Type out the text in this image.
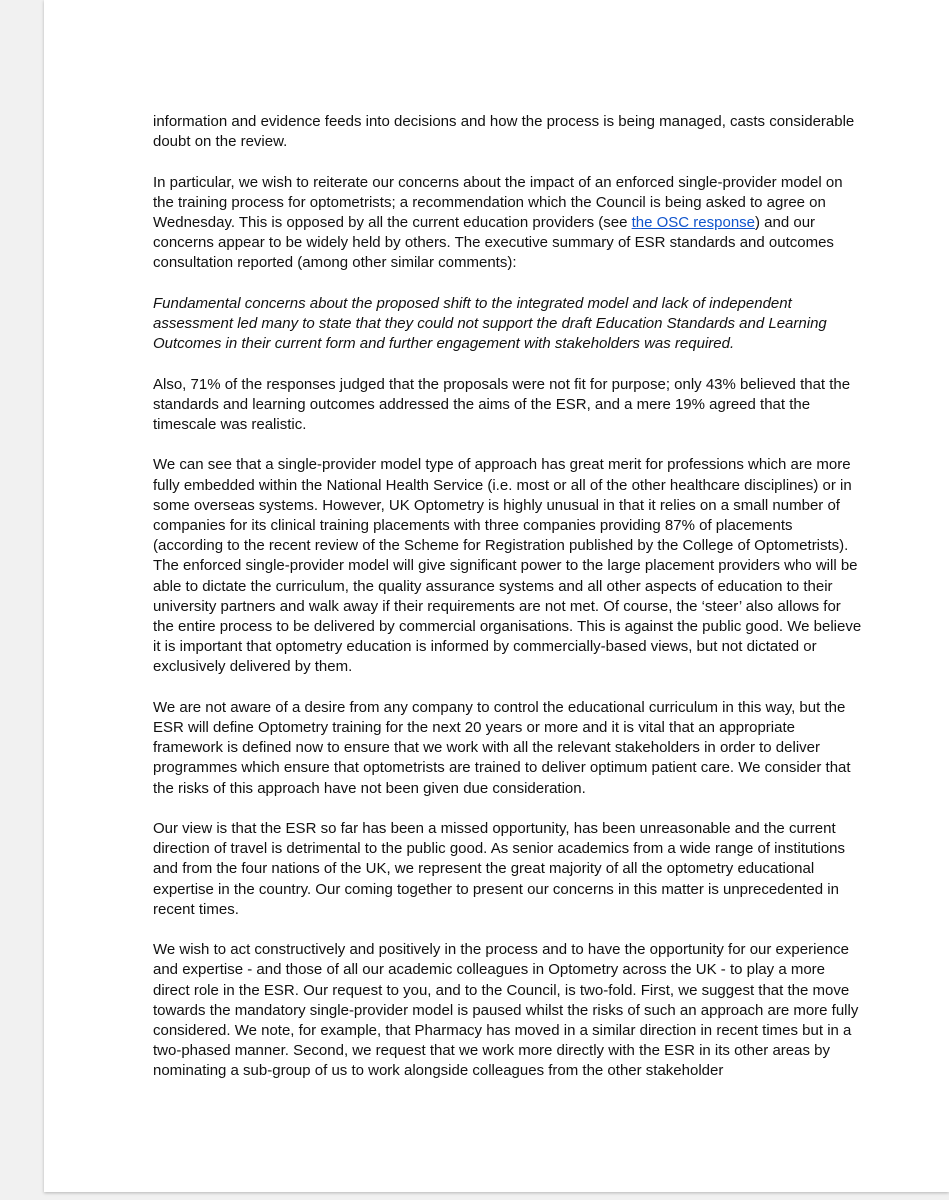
information and evidence feeds into decisions and how the process is being managed, casts considerable doubt on the review.

In particular, we wish to reiterate our concerns about the impact of an enforced single-provider model on the training process for optometrists; a recommendation which the Council is being asked to agree on Wednesday. This is opposed by all the current education providers (see the OSC response) and our concerns appear to be widely held by others. The executive summary of ESR standards and outcomes consultation reported (among other similar comments):

Fundamental concerns about the proposed shift to the integrated model and lack of independent assessment led many to state that they could not support the draft Education Standards and Learning Outcomes in their current form and further engagement with stakeholders was required.

Also, 71% of the responses judged that the proposals were not fit for purpose; only 43% believed that the standards and learning outcomes addressed the aims of the ESR, and a mere 19% agreed that the timescale was realistic.

We can see that a single-provider model type of approach has great merit for professions which are more fully embedded within the National Health Service (i.e. most or all of the other healthcare disciplines) or in some overseas systems. However, UK Optometry is highly unusual in that it relies on a small number of companies for its clinical training placements with three companies providing 87% of placements (according to the recent review of the Scheme for Registration published by the College of Optometrists). The enforced single-provider model will give significant power to the large placement providers who will be able to dictate the curriculum, the quality assurance systems and all other aspects of education to their university partners and walk away if their requirements are not met. Of course, the ‘steer’ also allows for the entire process to be delivered by commercial organisations. This is against the public good. We believe it is important that optometry education is informed by commercially-based views, but not dictated or exclusively delivered by them.

We are not aware of a desire from any company to control the educational curriculum in this way, but the ESR will define Optometry training for the next 20 years or more and it is vital that an appropriate framework is defined now to ensure that we work with all the relevant stakeholders in order to deliver programmes which ensure that optometrists are trained to deliver optimum patient care. We consider that the risks of this approach have not been given due consideration.

Our view is that the ESR so far has been a missed opportunity, has been unreasonable and the current direction of travel is detrimental to the public good. As senior academics from a wide range of institutions and from the four nations of the UK, we represent the great majority of all the optometry educational expertise in the country. Our coming together to present our concerns in this matter is unprecedented in recent times.

We wish to act constructively and positively in the process and to have the opportunity for our experience and expertise - and those of all our academic colleagues in Optometry across the UK - to play a more direct role in the ESR. Our request to you, and to the Council, is two-fold. First, we suggest that the move towards the mandatory single-provider model is paused whilst the risks of such an approach are more fully considered. We note, for example, that Pharmacy has moved in a similar direction in recent times but in a two-phased manner. Second, we request that we work more directly with the ESR in its other areas by nominating a sub-group of us to work alongside colleagues from the other stakeholder
